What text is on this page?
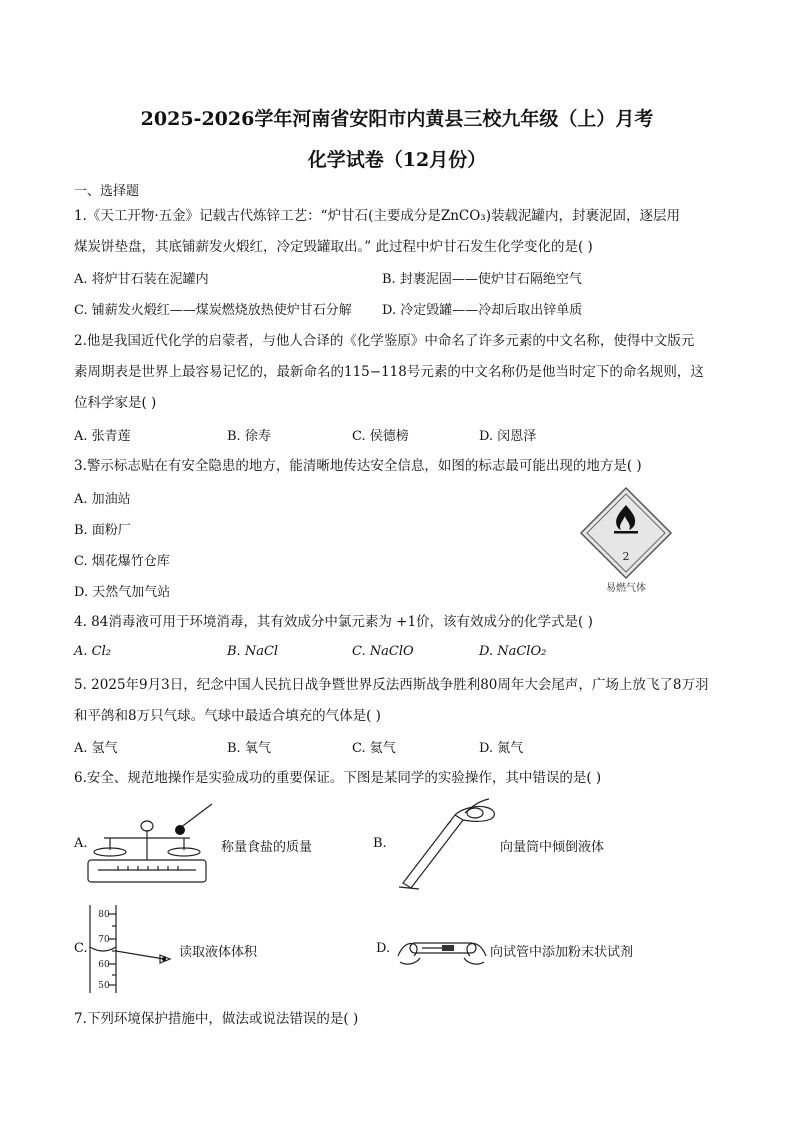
2025-2026学年河南省安阳市内黄县三校九年级（上）月考
化学试卷（12月份）
一、选择题
1.《天工开物·五金》记载古代炼锌工艺：“炉甘石(主要成分是ZnCO₃)装载泥罐内，封裹泥固，逐层用
煤炭饼垫盘，其底铺薪发火煅红，冷定毁罐取出。” 此过程中炉甘石发生化学变化的是( )
A. 将炉甘石装在泥罐内	B. 封裹泥固——使炉甘石隔绝空气
C. 铺薪发火煅红——煤炭燃烧放热使炉甘石分解 D. 冷定毁罐——冷却后取出锌单质
2.他是我国近代化学的启蒙者，与他人合译的《化学鉴原》中命名了许多元素的中文名称，使得中文版元
素周期表是世界上最容易记忆的，最新命名的115−118号元素的中文名称仍是他当时定下的命名规则，这
位科学家是( )
A. 张青莲	B. 徐寿	C. 侯德榜	D. 闵恩泽
3.警示标志贴在有安全隐患的地方，能清晰地传达安全信息，如图的标志最可能出现的地方是( )
A. 加油站
B. 面粉厂
C. 烟花爆竹仓库
D. 天然气加气站
2
易燃气体
4. 84消毒液可用于环境消毒，其有效成分中氯元素为 +1价，该有效成分的化学式是( )
A. Cl₂	B. NaCl	C. NaClO	D. NaClO₂
5. 2025年9月3日，纪念中国人民抗日战争暨世界反法西斯战争胜利80周年大会尾声，广场上放飞了8万羽
和平鸽和8万只气球。气球中最适合填充的气体是( )
A. 氢气	B. 氧气	C. 氦气	D. 氮气
6.安全、规范地操作是实验成功的重要保证。下图是某同学的实验操作，其中错误的是( )
A.	称量食盐的质量	B.	向量筒中倾倒液体
C.
80
70
60
50
读取液体体积	D.	向试管中添加粉末状试剂
7.下列环境保护措施中，做法或说法错误的是( )
